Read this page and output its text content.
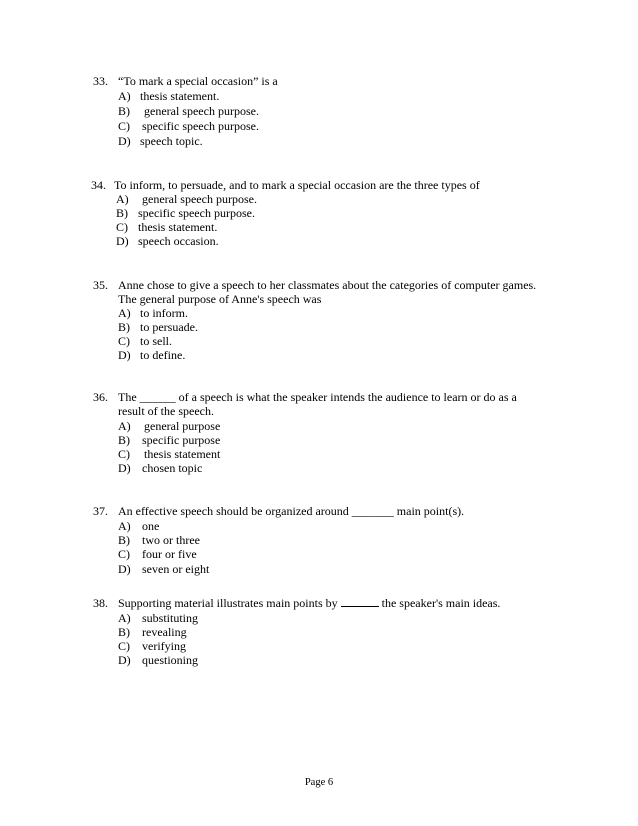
33. “To mark a special occasion” is a
A) thesis statement.
B) general speech purpose.
C) specific speech purpose.
D) speech topic.
34. To inform, to persuade, and to mark a special occasion are the three types of
A) general speech purpose.
B) specific speech purpose.
C) thesis statement.
D) speech occasion.
35. Anne chose to give a speech to her classmates about the categories of computer games.
The general purpose of Anne's speech was
A) to inform.
B) to persuade.
C) to sell.
D) to define.
36. The ______ of a speech is what the speaker intends the audience to learn or do as a
result of the speech.
A) general purpose
B) specific purpose
C) thesis statement
D) chosen topic
37. An effective speech should be organized around _______ main point(s).
A) one
B) two or three
C) four or five
D) seven or eight
38. Supporting material illustrates main points by	the speaker's main ideas.
A) substituting
B) revealing
C) verifying
D) questioning
Page 6
